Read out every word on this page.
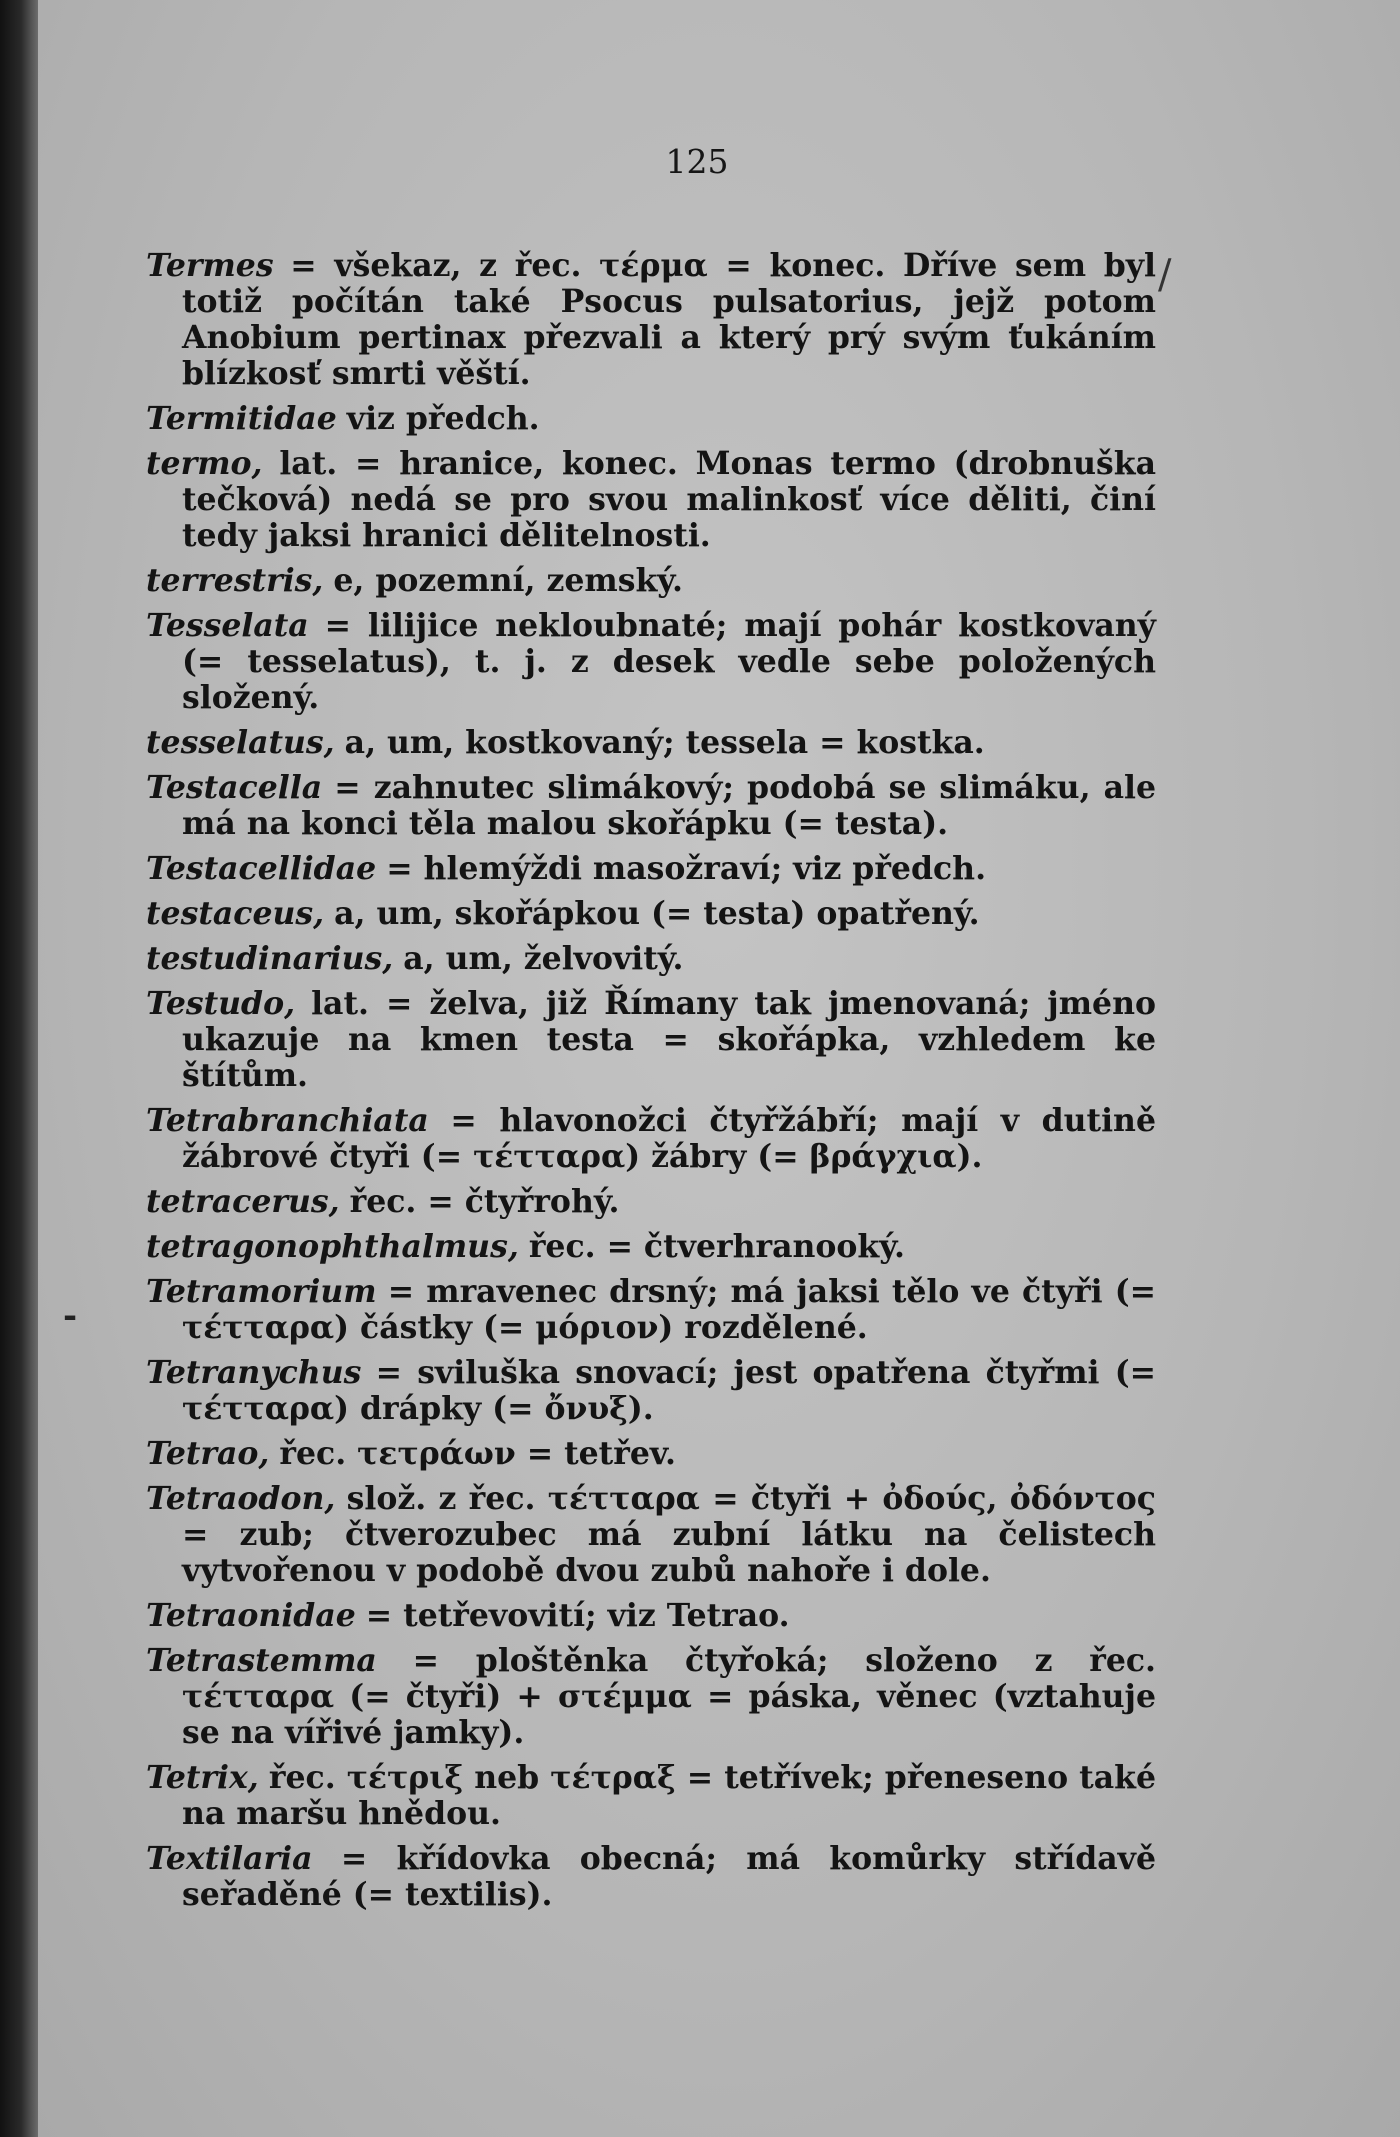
125

Termes = všekaz, z řec. τέρμα = konec. Dříve sem byl totiž počítán také Psocus pulsatorius, jejž potom Anobium pertinax přezvali a který prý svým ťukáním blízkosť smrti věští.

Termitidae viz předch.

termo, lat. = hranice, konec. Monas termo (drobnuška tečková) nedá se pro svou malinkosť více děliti, činí tedy jaksi hranici dělitelnosti.

terrestris, e, pozemní, zemský.

Tesselata = lilijice nekloubnaté; mají pohár kostkovaný (= tesselatus), t. j. z desek vedle sebe položených složený.

tesselatus, a, um, kostkovaný; tessela = kostka.

Testacella = zahnutec slimákový; podobá se slimáku, ale má na konci těla malou skořápku (= testa).

Testacellidae = hlemýždi masožraví; viz předch.

testaceus, a, um, skořápkou (= testa) opatřený.

testudinarius, a, um, želvovitý.

Testudo, lat. = želva, již Římany tak jmenovaná; jméno ukazuje na kmen testa = skořápka, vzhledem ke štítům.

Tetrabranchiata = hlavonožci čtyřžábří; mají v dutině žábrové čtyři (= τέτταρα) žábry (= βράγχια).

tetracerus, řec. = čtyřrohý.

tetragonophthalmus, řec. = čtverhranooký.

Tetramorium = mravenec drsný; má jaksi tělo ve čtyři (= τέτταρα) částky (= μόριον) rozdělené.

Tetranychus = sviluška snovací; jest opatřena čtyřmi (= τέτταρα) drápky (= ὄνυξ).

Tetrao, řec. τετράων = tetřev.

Tetraodon, slož. z řec. τέτταρα = čtyři + ὀδούς, ὀδόντος = zub; čtverozubec má zubní látku na čelistech vytvořenou v podobě dvou zubů nahoře i dole.

Tetraonidae = tetřevovití; viz Tetrao.

Tetrastemma = ploštěnka čtyřoká; složeno z řec. τέτταρα (= čtyři) + στέμμα = páska, věnec (vztahuje se na vířivé jamky).

Tetrix, řec. τέτριξ neb τέτραξ = tetřívek; přeneseno také na maršu hnědou.

Textilaria = křídovka obecná; má komůrky střídavě seřaděné (= textilis).

/
-
